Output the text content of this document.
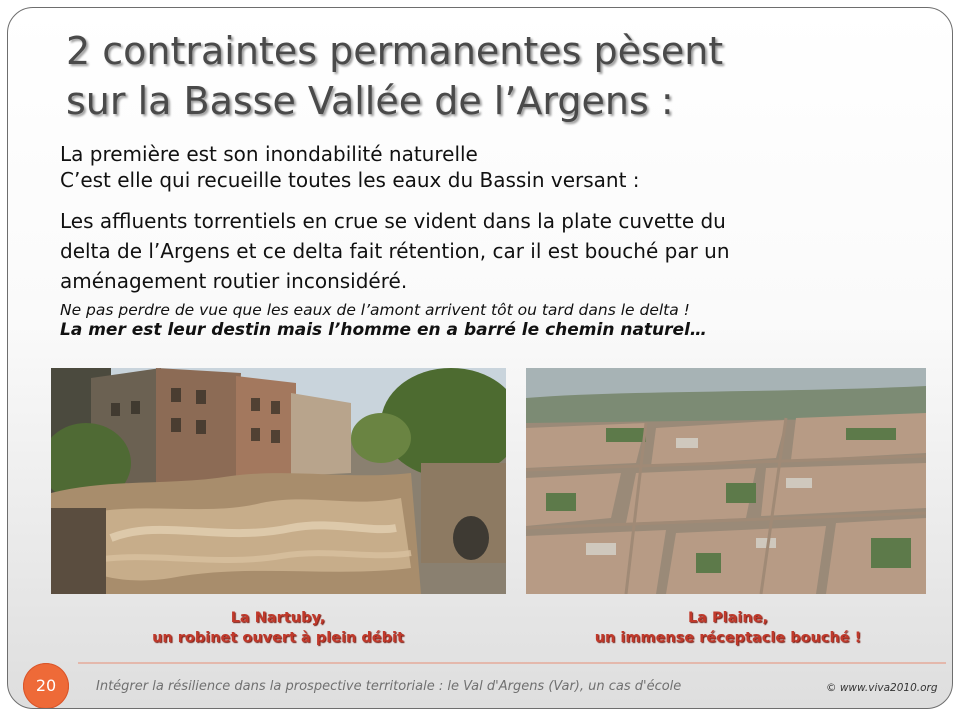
2 contraintes permanentes pèsent
sur la Basse Vallée de l’Argens :
La première est son inondabilité naturelle
C’est elle qui recueille toutes les eaux du Bassin versant :
Les affluents torrentiels en crue se vident dans la plate cuvette du
delta de l’Argens et ce delta fait rétention, car il est bouché par un
aménagement routier inconsidéré.
Ne pas perdre de vue que les eaux de l’amont arrivent tôt ou tard dans le delta !
La mer est leur destin mais l’homme en a barré le chemin naturel…
La Nartuby,
un robinet ouvert à plein débit
La Plaine,
un immense réceptacle bouché !
20	Intégrer la résilience dans la prospective territoriale : le Val d'Argens (Var), un cas d'école	© www.viva2010.org
